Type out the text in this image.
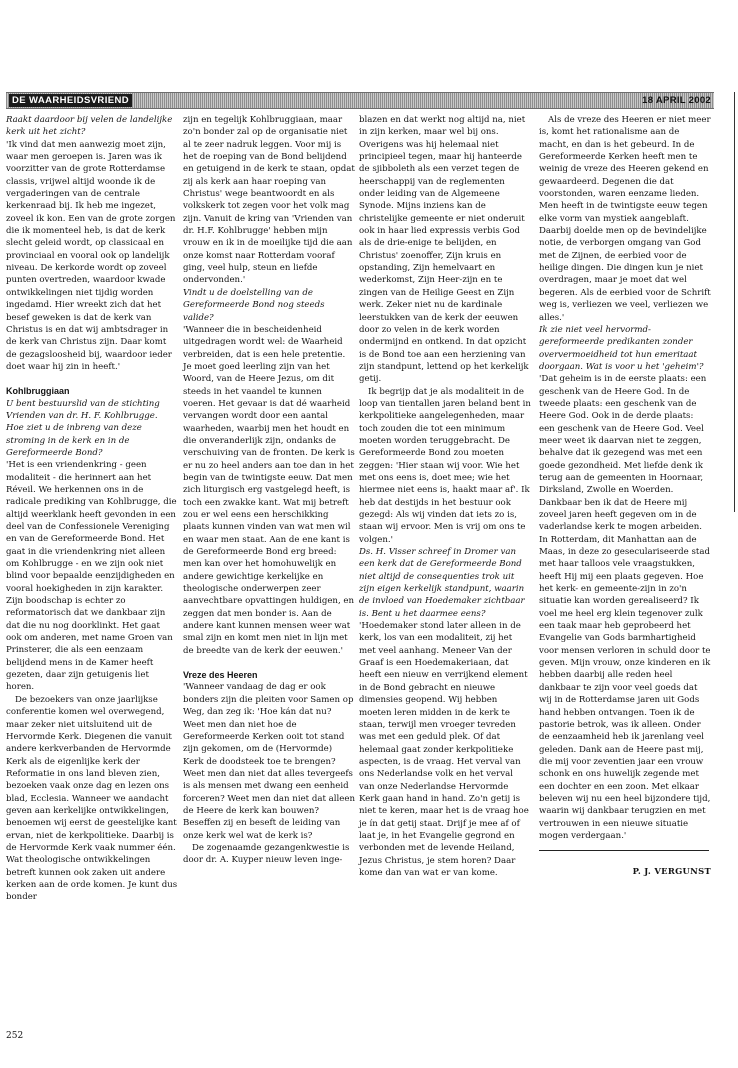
DE WAARHEIDSVRIEND	18 APRIL 2002

Raakt daardoor bij velen de landelijke kerk uit het zicht?

'Ik vind dat men aanwezig moet zijn, waar men geroepen is. Jaren was ik voorzitter van de grote Rotterdamse classis, vrijwel altijd woonde ik de vergaderingen van de centrale kerkenraad bij. Ik heb me ingezet, zoveel ik kon. Een van de grote zorgen die ik momenteel heb, is dat de kerk slecht geleid wordt, op classicaal en provinciaal en vooral ook op landelijk niveau. De kerkorde wordt op zoveel punten overtreden, waardoor kwade ontwikkelingen niet tijdig worden ingedamd. Hier wreekt zich dat het besef geweken is dat de kerk van Christus is en dat wij ambtsdrager in de kerk van Christus zijn. Daar komt de gezagsloosheid bij, waardoor ieder doet waar hij zin in heeft.'

Kohlbruggiaan

U bent bestuurslid van de stichting Vrienden van dr. H. F. Kohlbrugge. Hoe ziet u de inbreng van deze stroming in de kerk en in de Gereformeerde Bond?

'Het is een vriendenkring - geen modaliteit - die herinnert aan het Réveil. We herkennen ons in de radicale prediking van Kohlbrugge, die altijd weerklank heeft gevonden in een deel van de Confessionele Vereniging en van de Gereformeerde Bond. Het gaat in die vriendenkring niet alleen om Kohlbrugge - en we zijn ook niet blind voor bepaalde eenzijdigheden en vooral hoekigheden in zijn karakter. Zijn boodschap is echter zo reformatorisch dat we dankbaar zijn dat die nu nog doorklinkt. Het gaat ook om anderen, met name Groen van Prinsterer, die als een eenzaam belijdend mens in de Kamer heeft gezeten, daar zijn getuigenis liet horen.

De bezoekers van onze jaarlijkse conferentie komen wel overwegend, maar zeker niet uitsluitend uit de Hervormde Kerk. Diegenen die vanuit andere kerkverbanden de Hervormde Kerk als de eigenlijke kerk der Reformatie in ons land bleven zien, bezoeken vaak onze dag en lezen ons blad, Ecclesia. Wanneer we aandacht geven aan kerkelijke ontwikkelingen, benoemen wij eerst de geestelijke kant ervan, niet de kerkpolitieke. Daarbij is de Hervormde Kerk vaak nummer één. Wat theologische ontwikkelingen betreft kunnen ook zaken uit andere kerken aan de orde komen. Je kunt dus bonder

zijn en tegelijk Kohlbruggiaan, maar zo'n bonder zal op de organisatie niet al te zeer nadruk leggen. Voor mij is het de roeping van de Bond belijdend en getuigend in de kerk te staan, opdat zij als kerk aan haar roeping van Christus' wege beantwoordt en als volkskerk tot zegen voor het volk mag zijn. Vanuit de kring van 'Vrienden van dr. H.F. Kohlbrugge' hebben mijn vrouw en ik in de moeilijke tijd die aan onze komst naar Rotterdam vooraf ging, veel hulp, steun en liefde ondervonden.'

Vindt u de doelstelling van de Gereformeerde Bond nog steeds valide?

'Wanneer die in bescheidenheid uitgedragen wordt wel: de Waarheid verbreiden, dat is een hele pretentie. Je moet goed leerling zijn van het Woord, van de Heere Jezus, om dit steeds in het vaandel te kunnen voeren. Het gevaar is dat dé waarheid vervangen wordt door een aantal waarheden, waarbij men het houdt en die onveranderlijk zijn, ondanks de verschuiving van de fronten. De kerk is er nu zo heel anders aan toe dan in het begin van de twintigste eeuw. Dat men zich liturgisch erg vastgelegd heeft, is toch een zwakke kant. Wat mij betreft zou er wel eens een herschikking plaats kunnen vinden van wat men wil en waar men staat. Aan de ene kant is de Gereformeerde Bond erg breed: men kan over het homohuwelijk en andere gewichtige kerkelijke en theologische onderwerpen zeer aanvechtbare opvattingen huldigen, en zeggen dat men bonder is. Aan de andere kant kunnen mensen weer wat smal zijn en komt men niet in lijn met de breedte van de kerk der eeuwen.'

Vreze des Heeren

'Wanneer vandaag de dag er ook bonders zijn die pleiten voor Samen op Weg, dan zeg ik: 'Hoe kán dat nu? Weet men dan niet hoe de Gereformeerde Kerken ooit tot stand zijn gekomen, om de (Hervormde) Kerk de doodsteek toe te brengen? Weet men dan niet dat alles tevergeefs is als mensen met dwang een eenheid forceren? Weet men dan niet dat alleen de Heere de kerk kan bouwen? Beseffen zij en beseft de leiding van onze kerk wel wat de kerk is?

De zogenaamde gezangenkwestie is door dr. A. Kuyper nieuw leven inge-

blazen en dat werkt nog altijd na, niet in zijn kerken, maar wel bij ons. Overigens was hij helemaal niet principieel tegen, maar hij hanteerde de sjibboleth als een verzet tegen de heerschappij van de reglementen onder leiding van de Algemeene Synode. Mijns inziens kan de christelijke gemeente er niet onderuit ook in haar lied expressis verbis God als de drie-enige te belijden, en Christus' zoenoffer, Zijn kruis en opstanding, Zijn hemelvaart en wederkomst, Zijn Heer-zijn en te zingen van de Heilige Geest en Zijn werk. Zeker niet nu de kardinale leerstukken van de kerk der eeuwen door zo velen in de kerk worden ondermijnd en ontkend. In dat opzicht is de Bond toe aan een herziening van zijn standpunt, lettend op het kerkelijk getij.

Ik begrijp dat je als modaliteit in de loop van tientallen jaren beland bent in kerkpolitieke aangelegenheden, maar toch zouden die tot een minimum moeten worden teruggebracht. De Gereformeerde Bond zou moeten zeggen: 'Hier staan wij voor. Wie het met ons eens is, doet mee; wie het hiermee niet eens is, haakt maar af'. Ik heb dat destijds in het bestuur ook gezegd: Als wij vinden dat iets zo is, staan wij ervoor. Men is vrij om ons te volgen.'

Ds. H. Visser schreef in Dromer van een kerk dat de Gereformeerde Bond niet altijd de consequenties trok uit zijn eigen kerkelijk standpunt, waarin de invloed van Hoedemaker zichtbaar is. Bent u het daarmee eens?

'Hoedemaker stond later alleen in de kerk, los van een modaliteit, zij het met veel aanhang. Meneer Van der Graaf is een Hoedemakeriaan, dat heeft een nieuw en verrijkend element in de Bond gebracht en nieuwe dimensies geopend. Wij hebben moeten leren midden in de kerk te staan, terwijl men vroeger tevreden was met een geduld plek. Of dat helemaal gaat zonder kerkpolitieke aspecten, is de vraag. Het verval van ons Nederlandse volk en het verval van onze Nederlandse Hervormde Kerk gaan hand in hand. Zo'n getij is niet te keren, maar het is de vraag hoe je ín dat getij staat. Drijf je mee af of laat je, in het Evangelie gegrond en verbonden met de levende Heiland, Jezus Christus, je stem horen? Daar kome dan van wat er van kome.

Als de vreze des Heeren er niet meer is, komt het rationalisme aan de macht, en dan is het gebeurd. In de Gereformeerde Kerken heeft men te weinig de vreze des Heeren gekend en gewaardeerd. Degenen die dat voorstonden, waren eenzame lieden. Men heeft in de twintigste eeuw tegen elke vorm van mystiek aangeblaft. Daarbij doelde men op de bevindelijke notie, de verborgen omgang van God met de Zijnen, de eerbied voor de heilige dingen. Die dingen kun je niet overdragen, maar je moet dat wel begeren. Als de eerbied voor de Schrift weg is, verliezen we veel, verliezen we alles.'

Ik zie niet veel hervormd-gereformeerde predikanten zonder oververmoeidheid tot hun emeritaat doorgaan. Wat is voor u het 'geheim'?

'Dat geheim is in de eerste plaats: een geschenk van de Heere God. In de tweede plaats: een geschenk van de Heere God. Ook in de derde plaats: een geschenk van de Heere God. Veel meer weet ik daarvan niet te zeggen, behalve dat ik gezegend was met een goede gezondheid. Met liefde denk ik terug aan de gemeenten in Hoornaar, Dirksland, Zwolle en Woerden. Dankbaar ben ik dat de Heere mij zoveel jaren heeft gegeven om in de vaderlandse kerk te mogen arbeiden. In Rotterdam, dit Manhattan aan de Maas, in deze zo geseculariseerde stad met haar talloos vele vraagstukken, heeft Hij mij een plaats gegeven. Hoe het kerk- en gemeente-zijn in zo'n situatie kan worden gerealiseerd? Ik voel me heel erg klein tegenover zulk een taak maar heb geprobeerd het Evangelie van Gods barmhartigheid voor mensen verloren in schuld door te geven. Mijn vrouw, onze kinderen en ik hebben daarbij alle reden heel dankbaar te zijn voor veel goeds dat wij in de Rotterdamse jaren uit Gods hand hebben ontvangen. Toen ik de pastorie betrok, was ik alleen. Onder de eenzaamheid heb ik jarenlang veel geleden. Dank aan de Heere past mij, die mij voor zeventien jaar een vrouw schonk en ons huwelijk zegende met een dochter en een zoon. Met elkaar beleven wij nu een heel bijzondere tijd, waarin wij dankbaar terugzien en met vertrouwen in een nieuwe situatie mogen verdergaan.'

P. J. VERGUNST
252
